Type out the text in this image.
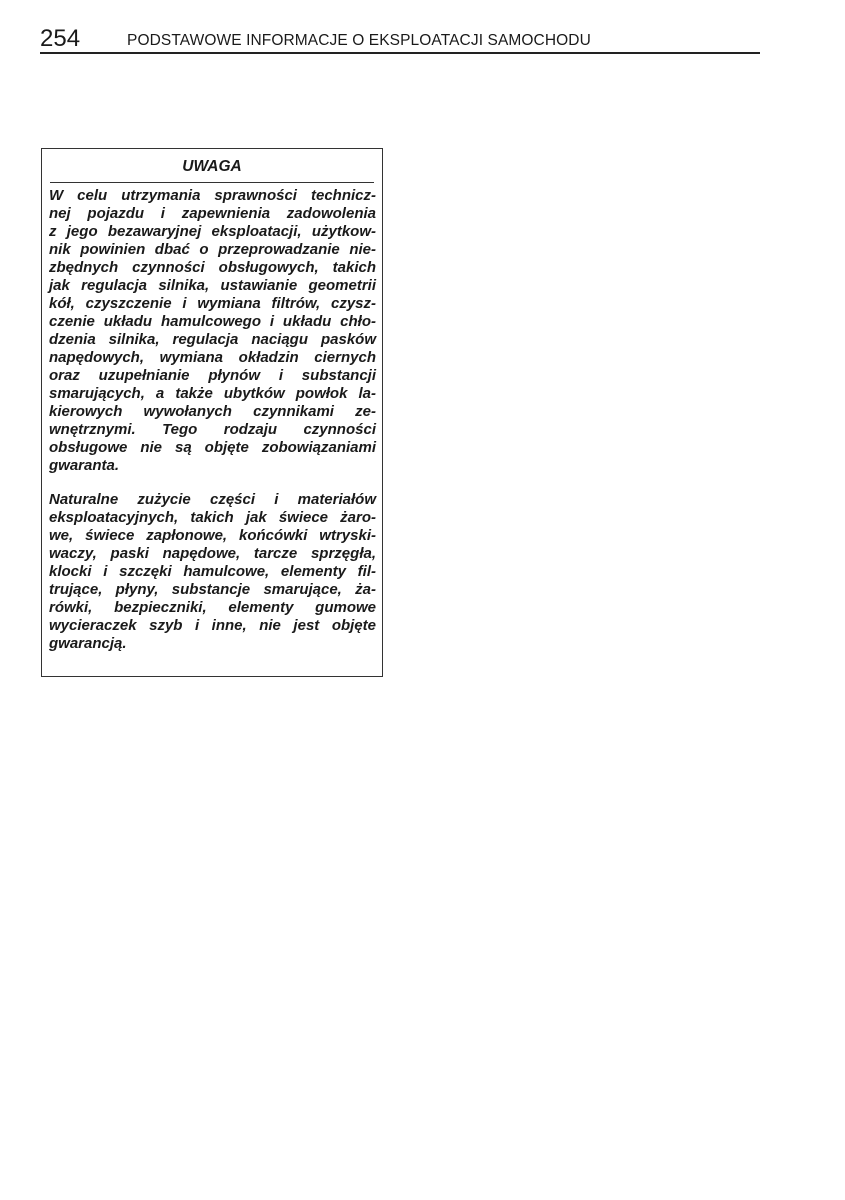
254	PODSTAWOWE INFORMACJE O EKSPLOATACJI SAMOCHODU
UWAGA

W celu utrzymania sprawności technicz-
nej pojazdu i zapewnienia zadowolenia
z jego bezawaryjnej eksploatacji, użytkow-
nik powinien dbać o przeprowadzanie nie-
zbędnych czynności obsługowych, takich
jak regulacja silnika, ustawianie geometrii
kół, czyszczenie i wymiana filtrów, czysz-
czenie układu hamulcowego i układu chło-
dzenia silnika, regulacja naciągu pasków
napędowych, wymiana okładzin ciernych
oraz uzupełnianie płynów i substancji
smarujących, a także ubytków powłok la-
kierowych wywołanych czynnikami ze-
wnętrznymi. Tego rodzaju czynności
obsługowe nie są objęte zobowiązaniami
gwaranta.

Naturalne zużycie części i materiałów
eksploatacyjnych, takich jak świece żaro-
we, świece zapłonowe, końcówki wtryski-
waczy, paski napędowe, tarcze sprzęgła,
klocki i szczęki hamulcowe, elementy fil-
trujące, płyny, substancje smarujące, ża-
rówki, bezpieczniki, elementy gumowe
wycieraczek szyb i inne, nie jest objęte
gwarancją.
